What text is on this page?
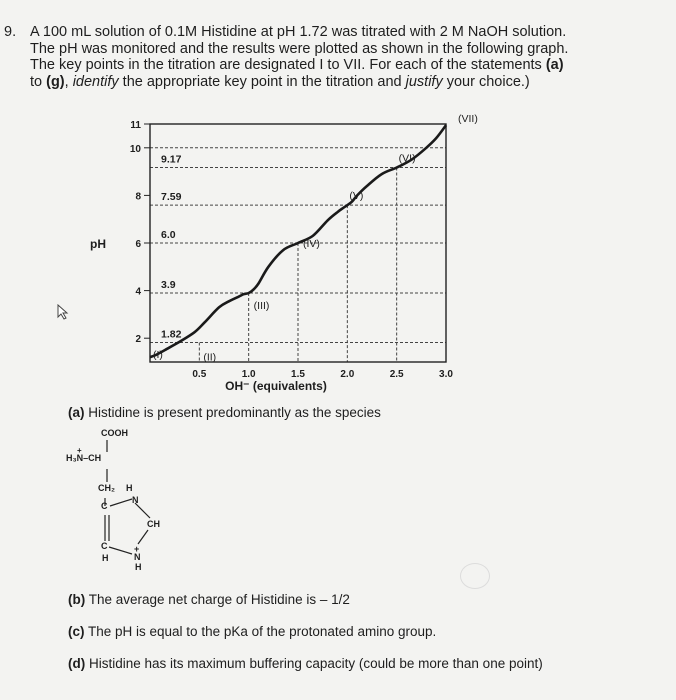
9. A 100 mL solution of 0.1M Histidine at pH 1.72 was titrated with 2 M NaOH solution.
The pH was monitored and the results were plotted as shown in the following graph.
The key points in the titration are designated I to VII. For each of the statements (a)
to (g), identify the appropriate key point in the titration and justify your choice.)
2
4
6
8
10
11
0.5	1.0	1.5	2.0	2.5	3.0
9.17
7.59
6.0
3.9
1.82
(I)	(II)
(III)
(IV)
(V)
(VI)
(VII)
pH
OH⁻ (equivalents)
(a) Histidine is present predominantly as the species
COOH
H₃N–CH
+
CH₂ H
N
C
CH
C	+
N
H
H
(b) The average net charge of Histidine is – 1/2
(c) The pH is equal to the pKa of the protonated amino group.
(d) Histidine has its maximum buffering capacity (could be more than one point)
